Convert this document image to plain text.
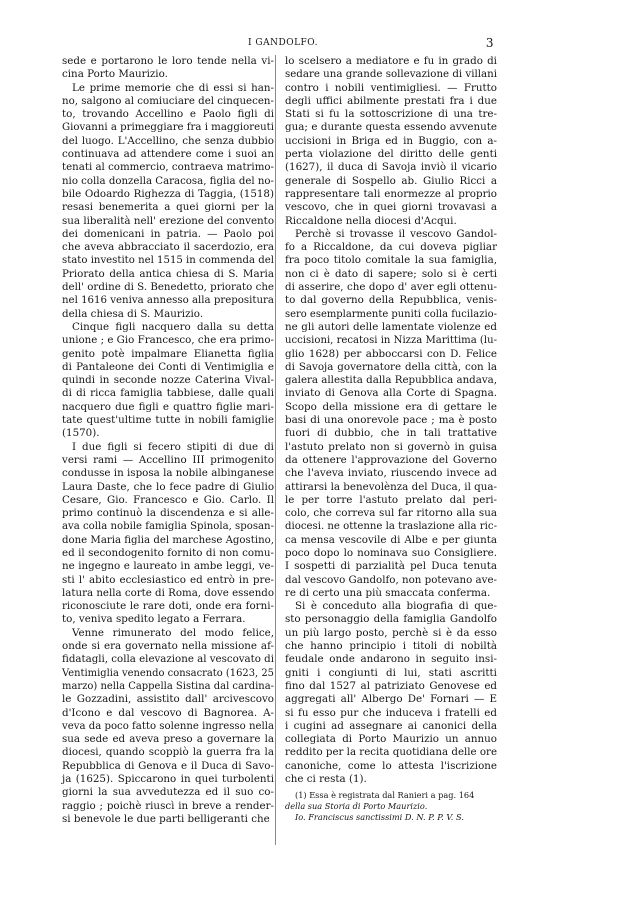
I GANDOLFO.	3
sede e portarono le loro tende nella vi-
cina Porto Maurizio.
Le prime memorie che di essi si han-
no, salgono al comiuciare del cinquecen-
to, trovando Accellino e Paolo figli di
Giovanni a primeggiare fra i maggioreuti
del luogo. L'Accellino, che senza dubbio
continuava ad attendere come i suoi an
tenati al commercio, contraeva matrimo-
nio colla donzella Caracosa, figlia del no-
bile Odoardo Righezza di Taggia, (1518)
resasi benemerita a quei giorni per la
sua liberalità nell' erezione del convento
dei domenicani in patria. — Paolo poi
che aveva abbracciato il sacerdozio, era
stato investito nel 1515 in commenda del
Priorato della antica chiesa di S. Maria
dell' ordine di S. Benedetto, priorato che
nel 1616 veniva annesso alla prepositura
della chiesa di S. Maurizio.
Cinque figli nacquero dalla su detta
unione ; e Gio Francesco, che era primo-
genito potè impalmare Elianetta figlia
di Pantaleone dei Conti di Ventimiglia e
quindi in seconde nozze Caterina Vival-
di di ricca famiglia tabbiese, dalle quali
nacquero due figli e quattro figlie mari-
tate quest'ultime tutte in nobili famiglie
(1570).
I due figli si fecero stipiti di due di
versi rami — Accellino III primogenito
condusse in isposa la nobile albinganese
Laura Daste, che lo fece padre di Giulio
Cesare, Gio. Francesco e Gio. Carlo. Il
primo continuò la discendenza e si alle-
ava colla nobile famiglia Spinola, sposan-
done Maria figlia del marchese Agostino,
ed il secondogenito fornito di non comu-
ne ingegno e laureato in ambe leggi, ve-
sti l' abito ecclesiastico ed entrò in pre-
latura nella corte di Roma, dove essendo
riconosciute le rare doti, onde era forni-
to, veniva spedito legato a Ferrara.
Venne rimunerato del modo felice,
onde si era governato nella missione af-
fidatagli, colla elevazione al vescovato di
Ventimiglia venendo consacrato (1623, 25
marzo) nella Cappella Sistina dal cardina-
le Gozzadini, assistito dall' arcivescovo
d'Icono e dal vescovo di Bagnorea. A-
veva da poco fatto solenne ingresso nella
sua sede ed aveva preso a governare la
diocesi, quando scoppiò la guerra fra la
Repubblica di Genova e il Duca di Savo-
ja (1625). Spiccarono in quei turbolenti
giorni la sua avvedutezza ed il suo co-
raggio ; poichè riuscì in breve a render-
si benevole le due parti belligeranti che
lo scelsero a mediatore e fu in grado di
sedare una grande sollevazione di villani
contro i nobili ventimigliesi. — Frutto
degli uffici abilmente prestati fra i due
Stati si fu la sottoscrizione di una tre-
gua; e durante questa essendo avvenute
uccisioni in Briga ed in Buggio, con a-
perta violazione del diritto delle genti
(1627), il duca di Savoja inviò il vicario
generale di Sospello ab. Giulio Ricci a
rappresentare tali enormezze al proprio
vescovo, che in quei giorni trovavasi a
Riccaldone nella diocesi d'Acqui.
Perchè si trovasse il vescovo Gandol-
fo a Riccaldone, da cui doveva pigliar
fra poco titolo comitale la sua famiglia,
non ci è dato di sapere; solo si è certi
di asserire, che dopo d' aver egli ottenu-
to dal governo della Repubblica, venis-
sero esemplarmente puniti colla fucilazio-
ne gli autori delle lamentate violenze ed
uccisioni, recatosi in Nizza Marittima (lu-
glio 1628) per abboccarsi con D. Felice
di Savoja governatore della città, con la
galera allestita dalla Repubblica andava,
inviato di Genova alla Corte di Spagna.
Scopo della missione era di gettare le
basi di una onorevole pace ; ma è posto
fuori di dubbio, che in tali trattative
l'astuto prelato non si governò in guisa
da ottenere l'approvazione del Governo
che l'aveva inviato, riuscendo invece ad
attirarsi la benevolènza del Duca, il qua-
le per torre l'astuto prelato dal peri-
colo, che correva sul far ritorno alla sua
diocesi. ne ottenne la traslazione alla ric-
ca mensa vescovile di Albe e per giunta
poco dopo lo nominava suo Consigliere.
I sospetti di parzialità pel Duca tenuta
dal vescovo Gandolfo, non potevano ave-
re di certo una più smaccata conferma.
Si è conceduto alla biografia di que-
sto personaggio della famiglia Gandolfo
un più largo posto, perchè si è da esso
che hanno principio i titoli di nobiltà
feudale onde andarono in seguito insi-
gniti i congiunti di lui, stati ascritti
fino dal 1527 al patriziato Genovese ed
aggregati all' Albergo De' Fornari — E
si fu esso pur che induceva i fratelli ed
i cugini ad assegnare ai canonici della
collegiata di Porto Maurizio un annuo
reddito per la recita quotidiana delle ore
canoniche, come lo attesta l'iscrizione
che ci resta (1).
(1) Essa è registrata dal Ranieri a pag. 164
della sua Storia di Porto Maurizio.
Io. Franciscus sanctissimi D. N. P. P. V. S.
